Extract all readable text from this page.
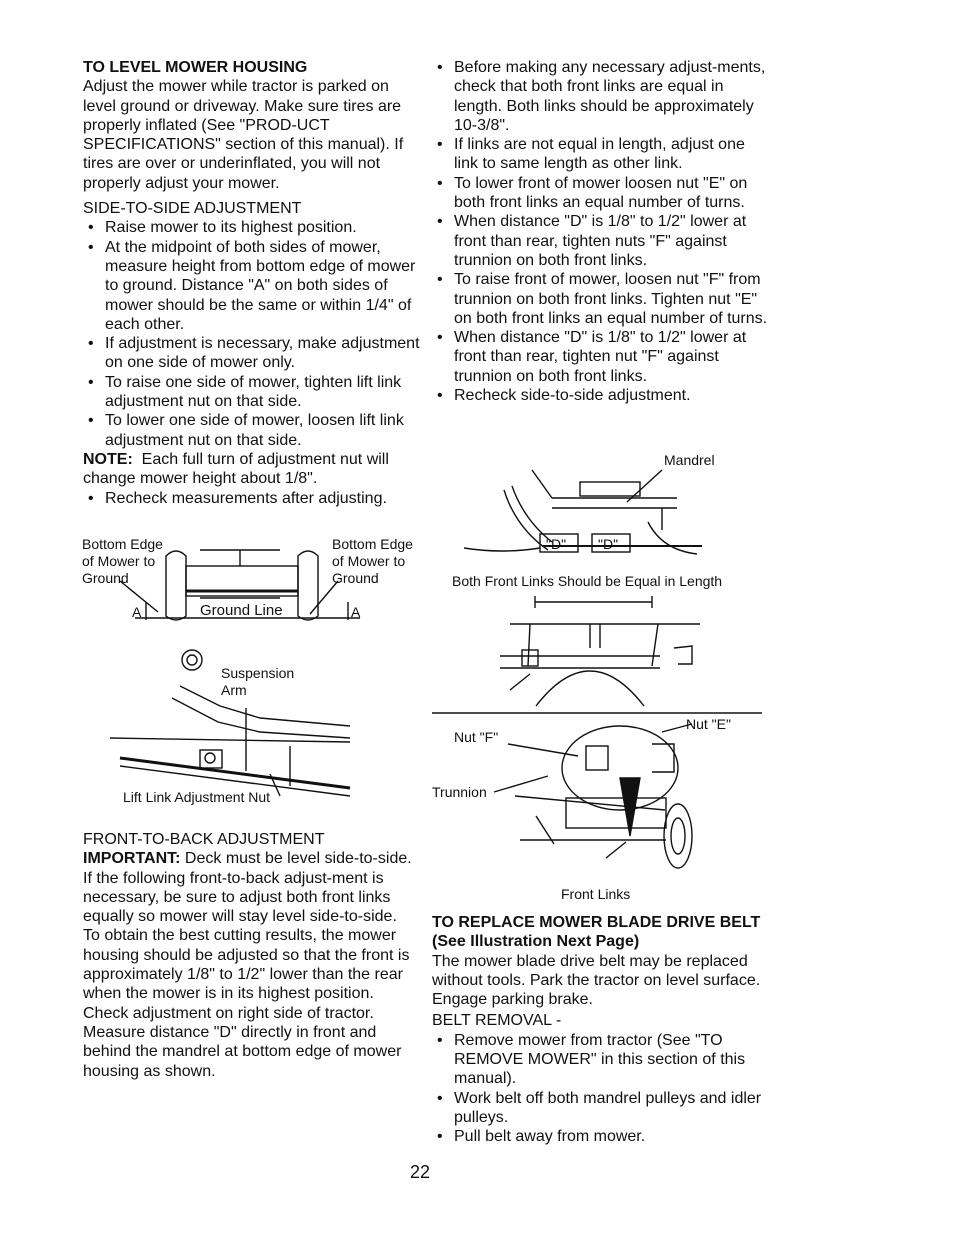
TO LEVEL MOWER HOUSING

Adjust the mower while tractor is parked on level ground or driveway. Make sure tires are properly inflated (See "PROD-UCT SPECIFICATIONS" section of this manual). If tires are over or underinflated, you will not properly adjust your mower.

SIDE-TO-SIDE ADJUSTMENT
• Raise mower to its highest position.
• At the midpoint of both sides of mower, measure height from bottom edge of mower to ground. Distance "A" on both sides of mower should be the same or within 1/4" of each other.
• If adjustment is necessary, make adjustment on one side of mower only.
• To raise one side of mower, tighten lift link adjustment nut on that side.
• To lower one side of mower, loosen lift link adjustment nut on that side.
NOTE: Each full turn of adjustment nut will change mower height about 1/8".
• Recheck measurements after adjusting.
Bottom Edge
of Mower to
Ground
Bottom Edge
of Mower to
Ground
Ground Line
A	A
Suspension
Arm
Lift Link Adjustment Nut
FRONT-TO-BACK ADJUSTMENT

IMPORTANT: Deck must be level side-to-side. If the following front-to-back adjust-ment is necessary, be sure to adjust both front links equally so mower will stay level side-to-side.

To obtain the best cutting results, the mower housing should be adjusted so that the front is approximately 1/8" to 1/2" lower than the rear when the mower is in its highest position.

Check adjustment on right side of tractor. Measure distance "D" directly in front and behind the mandrel at bottom edge of mower housing as shown.

• Before making any necessary adjust-ments, check that both front links are equal in length. Both links should be approximately 10-3/8".
• If links are not equal in length, adjust one link to same length as other link.
• To lower front of mower loosen nut "E" on both front links an equal number of turns.
• When distance "D" is 1/8" to 1/2" lower at front than rear, tighten nuts "F" against trunnion on both front links.
• To raise front of mower, loosen nut "F" from trunnion on both front links. Tighten nut "E" on both front links an equal number of turns.
• When distance "D" is 1/8" to 1/2" lower at front than rear, tighten nut "F" against trunnion on both front links.
• Recheck side-to-side adjustment.
Mandrel
"D" "D"
Both Front Links Should be Equal in Length
Nut "F"
Nut "E"
Trunnion
Front Links
TO REPLACE MOWER BLADE DRIVE BELT (See Illustration Next Page)

The mower blade drive belt may be replaced without tools. Park the tractor on level surface. Engage parking brake.

BELT REMOVAL -
• Remove mower from tractor (See "TO REMOVE MOWER" in this section of this manual).
• Work belt off both mandrel pulleys and idler pulleys.
• Pull belt away from mower.
22
